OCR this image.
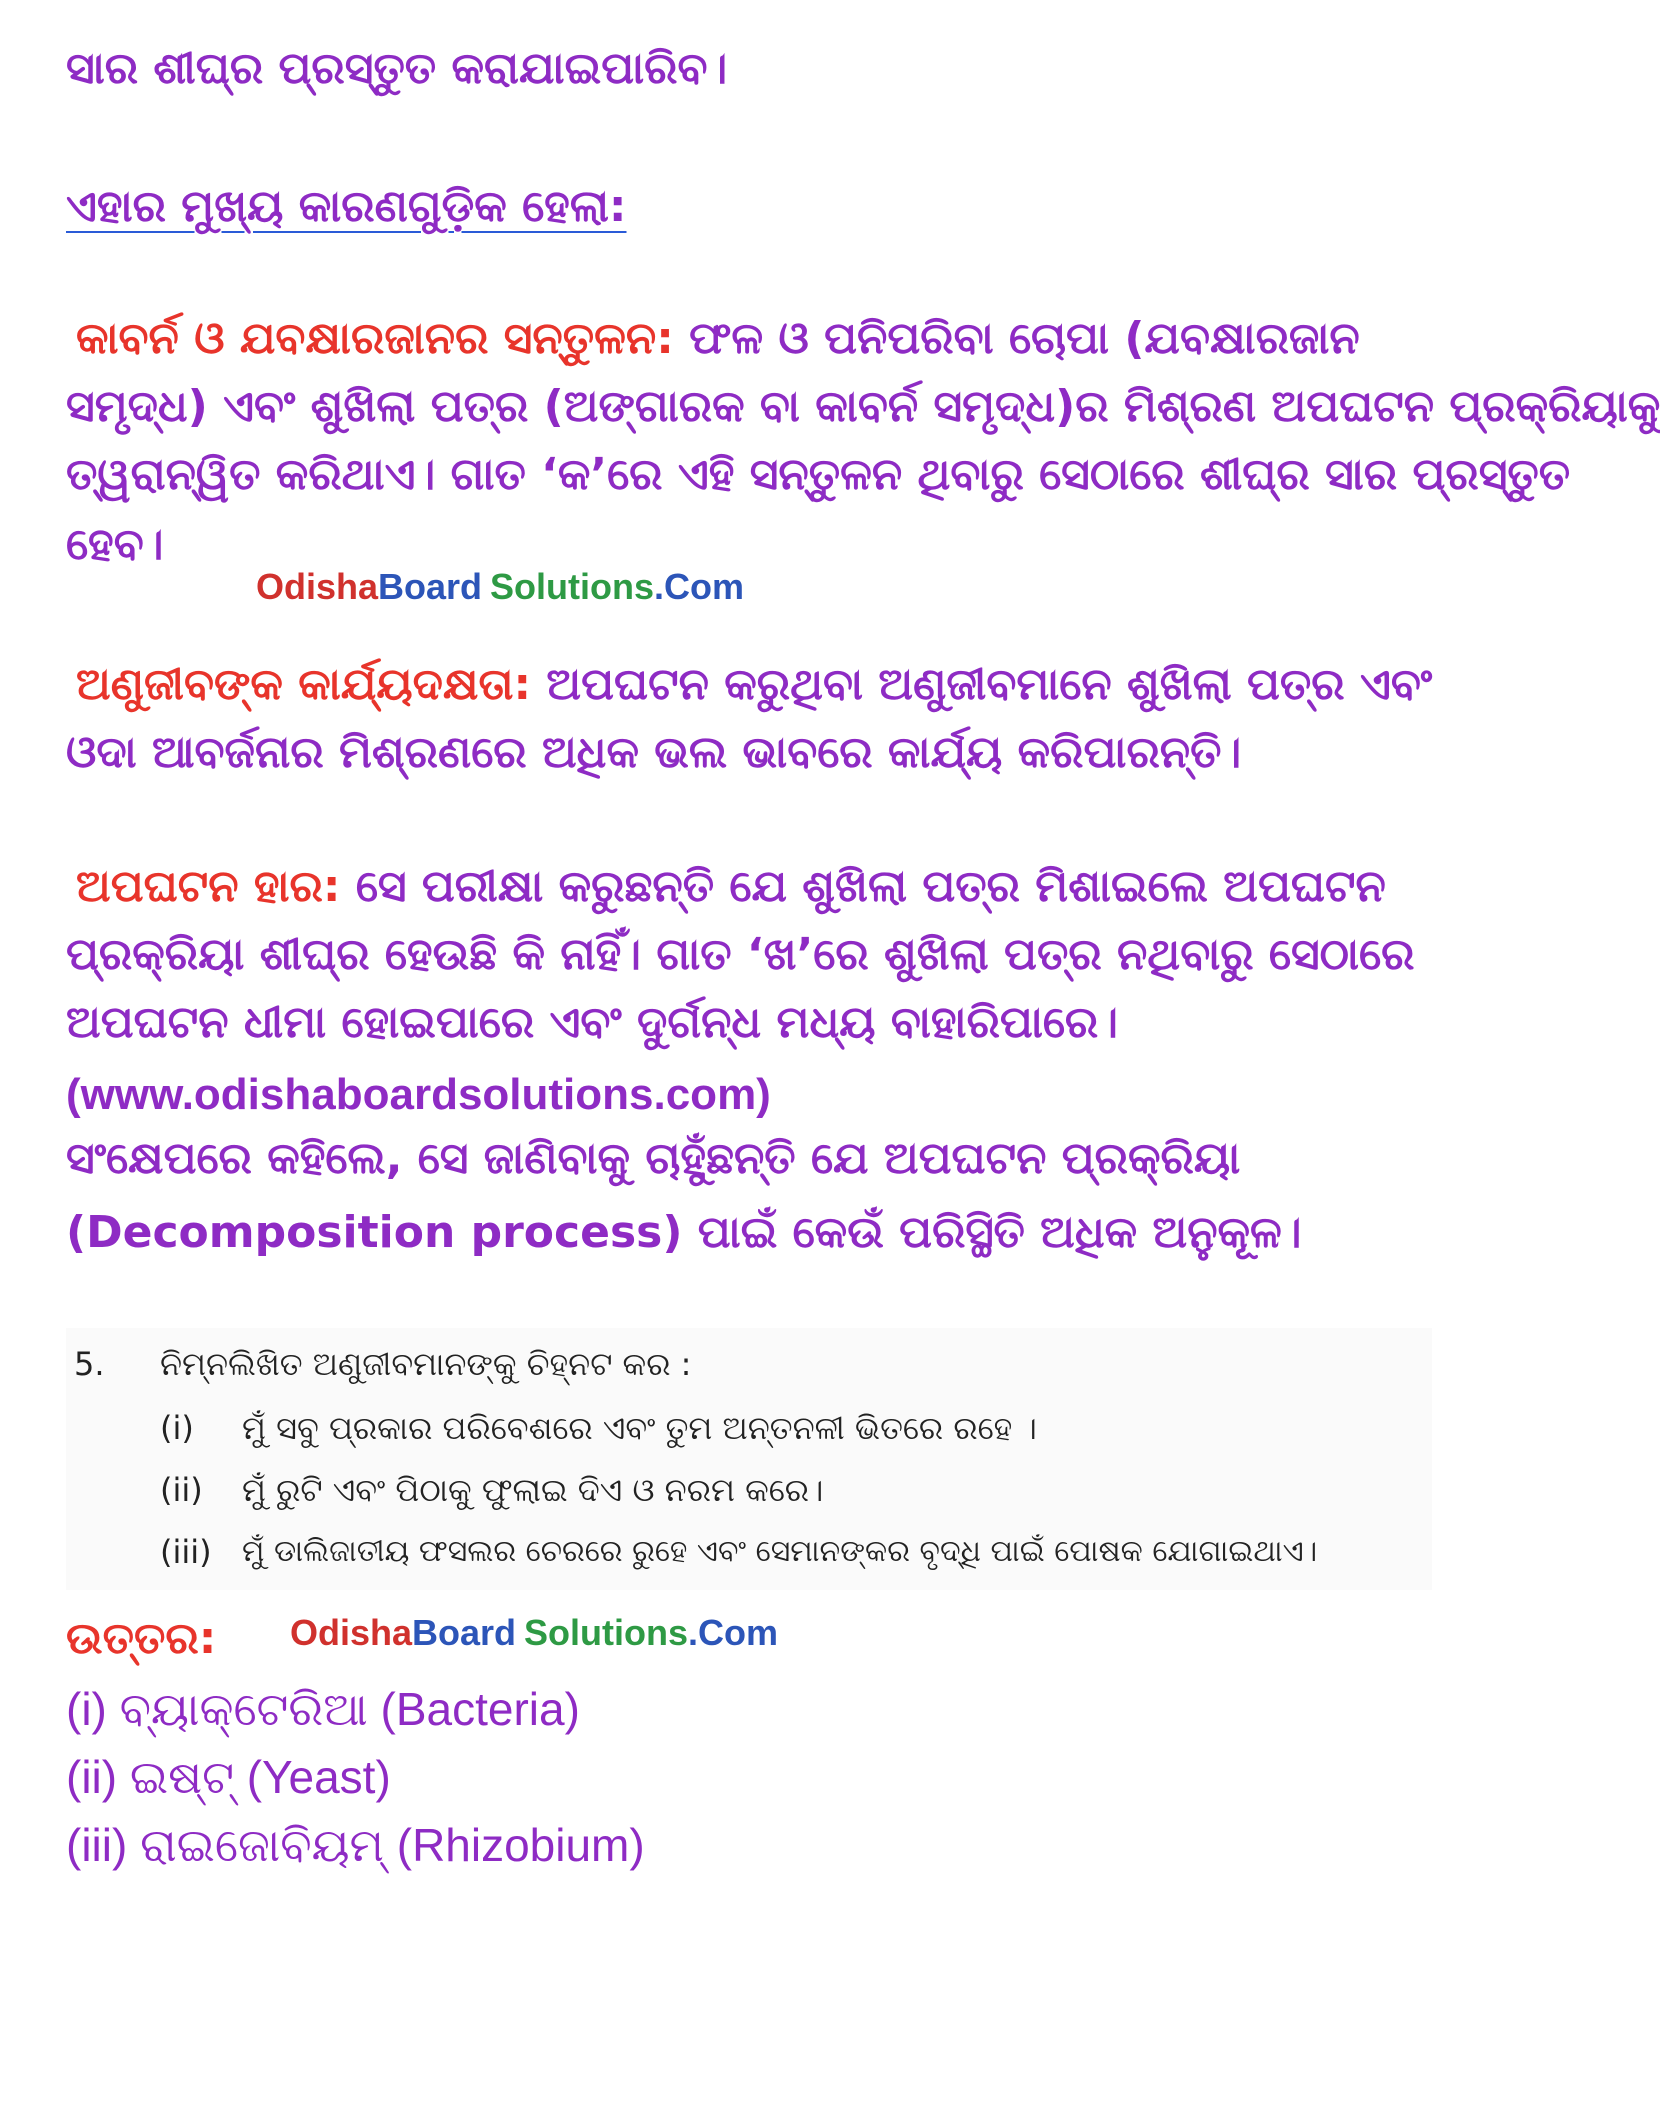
ସାର ଶୀଘ୍ର ପ୍ରସ୍ତୁତ କରାଯାଇପାରିବ।
ଏହାର ମୁଖ୍ୟ କାରଣଗୁଡ଼ିକ ହେଲା:
କାବର୍ନ ଓ ଯବକ୍ଷାରଜାନର ସନ୍ତୁଳନ: ଫଳ ଓ ପନିପରିବା ଚୋପା (ଯବକ୍ଷାରଜାନ
ସମୃଦ୍ଧ) ଏବଂ ଶୁଖିଲା ପତ୍ର (ଅଙ୍ଗାରକ ବା କାବର୍ନ ସମୃଦ୍ଧ)ର ମିଶ୍ରଣ ଅପଘଟନ ପ୍ରକ୍ରିୟାକୁ
ତ୍ୱରାନ୍ୱିତ କରିଥାଏ। ଗାତ ‘କ’ରେ ଏହି ସନ୍ତୁଳନ ଥିବାରୁ ସେଠାରେ ଶୀଘ୍ର ସାର ପ୍ରସ୍ତୁତ
ହେବ।
OdishaBoard Solutions.Com
ଅଣୁଜୀବଙ୍କ କାର୍ଯ୍ୟଦକ୍ଷତା: ଅପଘଟନ କରୁଥିବା ଅଣୁଜୀବମାନେ ଶୁଖିଲା ପତ୍ର ଏବଂ
ଓଦା ଆବର୍ଜନାର ମିଶ୍ରଣରେ ଅଧିକ ଭଲ ଭାବରେ କାର୍ଯ୍ୟ କରିପାରନ୍ତି।
ଅପଘଟନ ହାର: ସେ ପରୀକ୍ଷା କରୁଛନ୍ତି ଯେ ଶୁଖିଲା ପତ୍ର ମିଶାଇଲେ ଅପଘଟନ
ପ୍ରକ୍ରିୟା ଶୀଘ୍ର ହେଉଛି କି ନାହିଁ। ଗାତ ‘ଖ’ରେ ଶୁଖିଲା ପତ୍ର ନଥିବାରୁ ସେଠାରେ
ଅପଘଟନ ଧୀମା ହୋଇପାରେ ଏବଂ ଦୁର୍ଗନ୍ଧ ମଧ୍ୟ ବାହାରିପାରେ।
(www.odishaboardsolutions.com)
ସଂକ୍ଷେପରେ କହିଲେ, ସେ ଜାଣିବାକୁ ଚାହୁଁଛନ୍ତି ଯେ ଅପଘଟନ ପ୍ରକ୍ରିୟା
(Decomposition process) ପାଇଁ କେଉଁ ପରିସ୍ଥିତି ଅଧିକ ଅନୁକୂଳ।
5. ନିମ୍ନଲିଖିତ ଅଣୁଜୀବମାନଙ୍କୁ ଚିହ୍ନଟ କର :
(i) ମୁଁ ସବୁ ପ୍ରକାର ପରିବେଶରେ ଏବଂ ତୁମ ଅନ୍ତନଳୀ ଭିତରେ ରହେ ।
(ii) ମୁଁ ରୁଟି ଏବଂ ପିଠାକୁ ଫୁଲାଇ ଦିଏ ଓ ନରମ କରେ।
(iii) ମୁଁ ଡାଲିଜାତୀୟ ଫସଲର ଚେରରେ ରୁହେ ଏବଂ ସେମାନଙ୍କର ବୃଦ୍ଧି ପାଇଁ ପୋଷକ ଯୋଗାଇଥାଏ।
ଉତ୍ତର: OdishaBoard Solutions.Com
(i) ବ୍ୟାକ୍ଟେରିଆ (Bacteria)
(ii) ଇଷ୍ଟ୍ (Yeast)
(iii) ରାଇଜୋବିୟମ୍ (Rhizobium)
